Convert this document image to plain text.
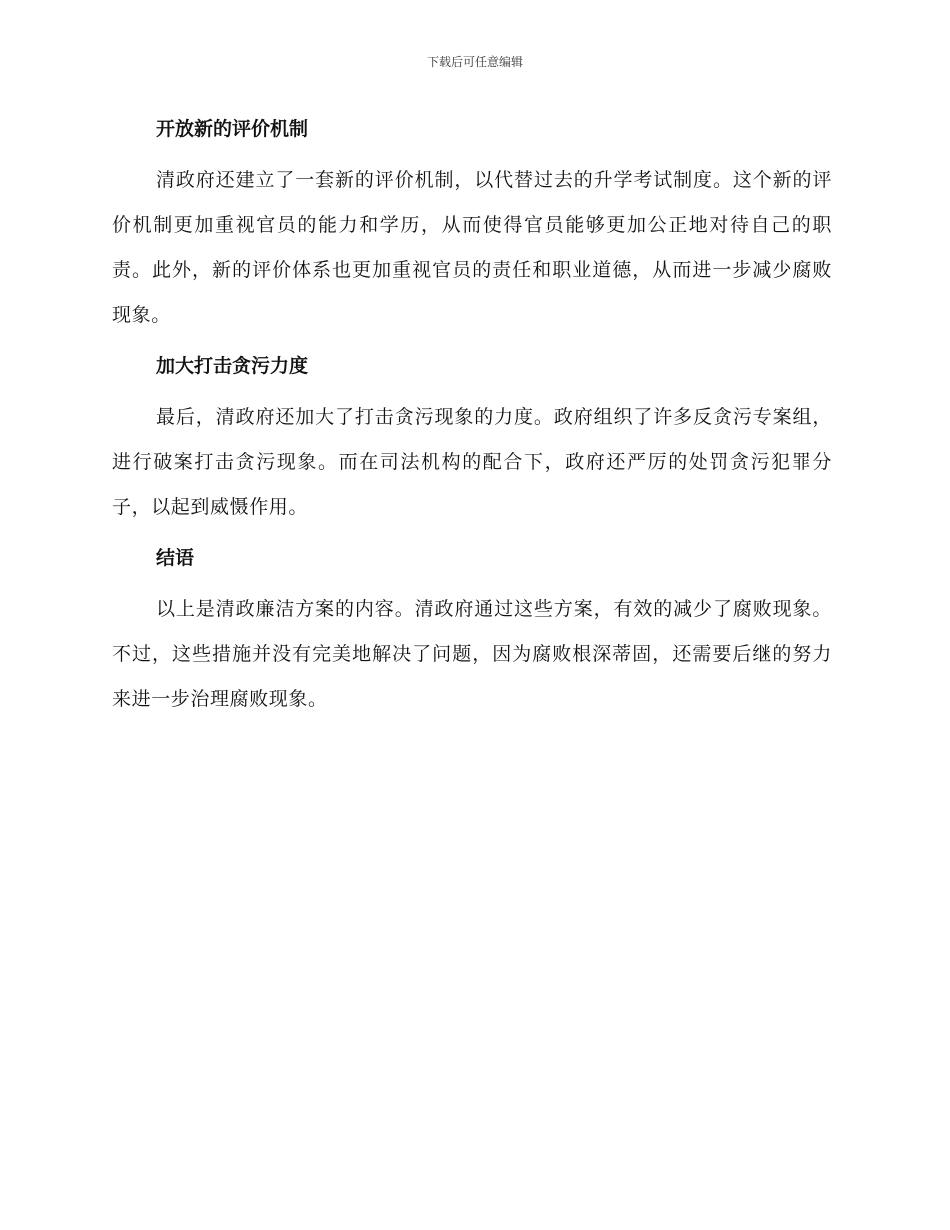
下载后可任意编辑
开放新的评价机制

清政府还建立了一套新的评价机制，以代替过去的升学考试制度。这个新的评价机制更加重视官员的能力和学历，从而使得官员能够更加公正地对待自己的职责。此外，新的评价体系也更加重视官员的责任和职业道德，从而进一步减少腐败现象。

加大打击贪污力度

最后，清政府还加大了打击贪污现象的力度。政府组织了许多反贪污专案组，进行破案打击贪污现象。而在司法机构的配合下，政府还严厉的处罚贪污犯罪分子，以起到威慑作用。

结语

以上是清政廉洁方案的内容。清政府通过这些方案，有效的减少了腐败现象。不过，这些措施并没有完美地解决了问题，因为腐败根深蒂固，还需要后继的努力来进一步治理腐败现象。
